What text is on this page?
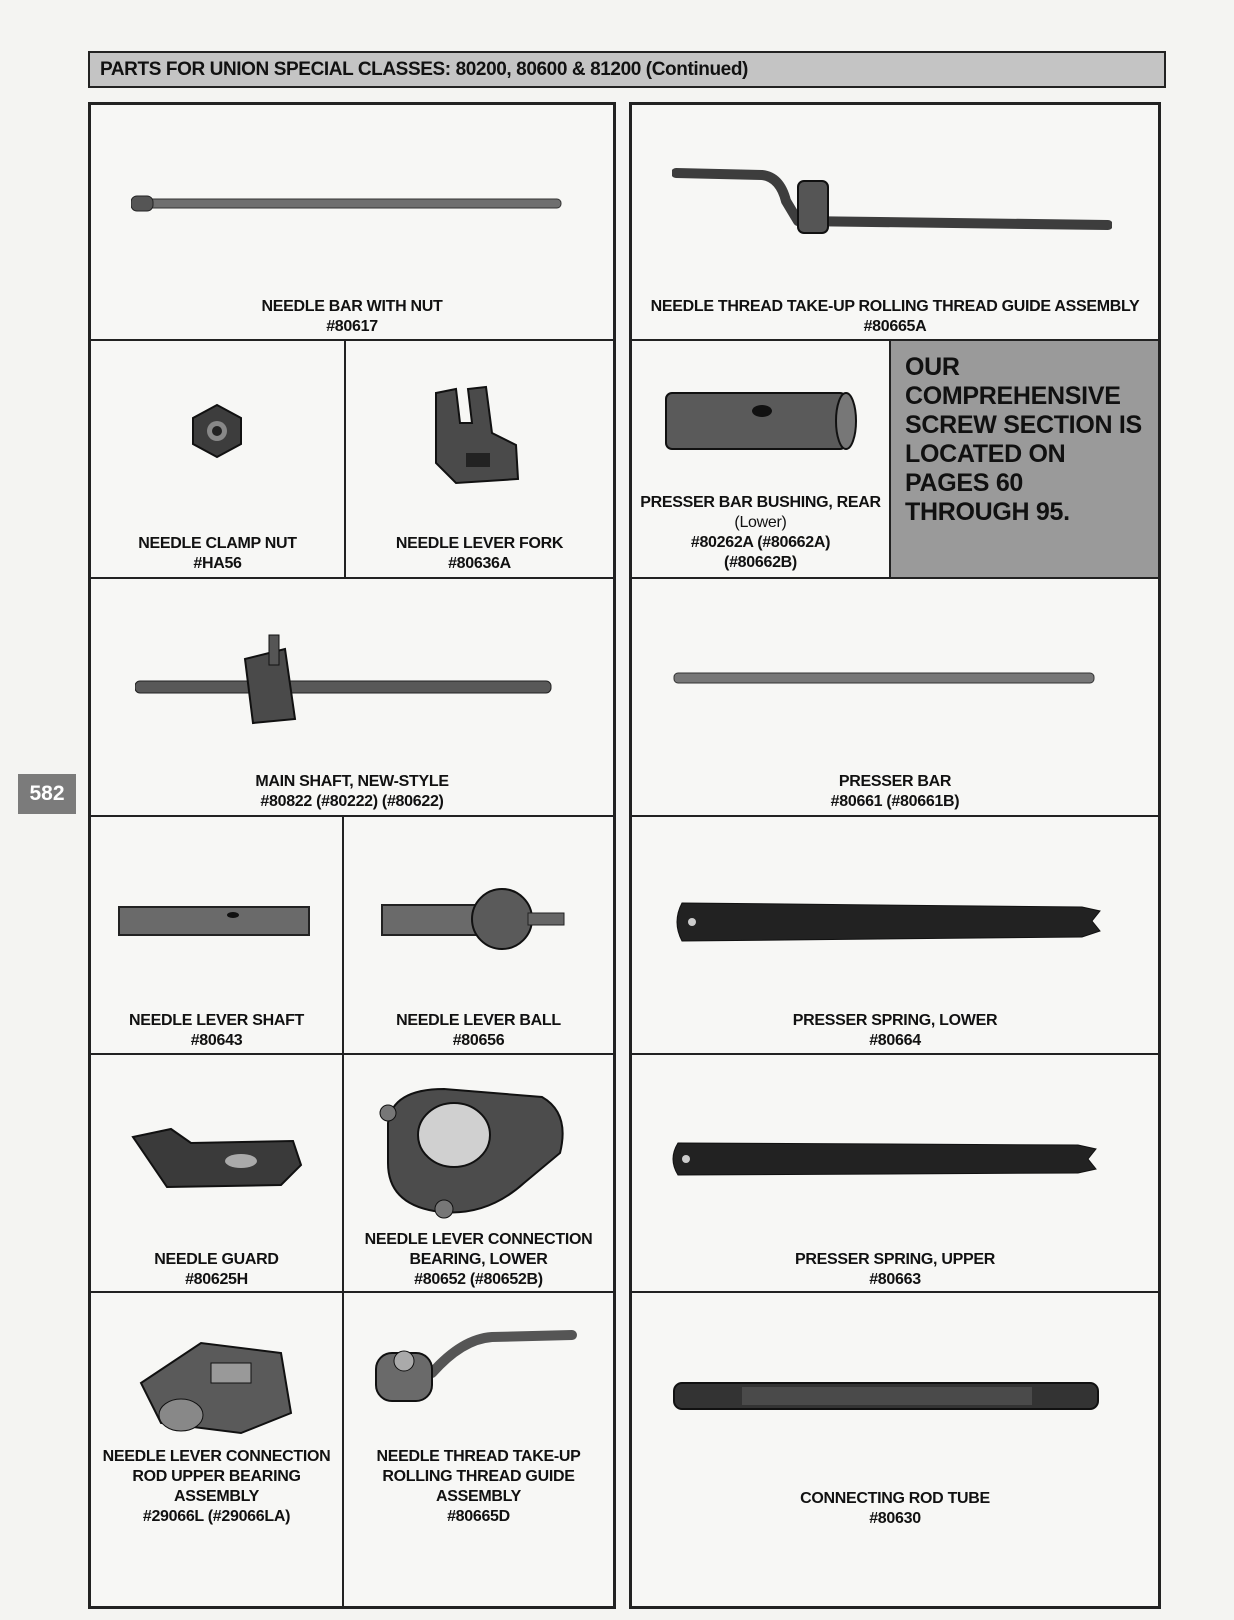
PARTS FOR UNION SPECIAL CLASSES: 80200, 80600 & 81200 (Continued)
582
NEEDLE BAR WITH NUT
#80617
NEEDLE CLAMP NUT
#HA56
NEEDLE LEVER FORK
#80636A
MAIN SHAFT, NEW-STYLE
#80822 (#80222) (#80622)
NEEDLE LEVER SHAFT
#80643
NEEDLE LEVER BALL
#80656
NEEDLE GUARD
#80625H
NEEDLE LEVER CONNECTION
BEARING, LOWER
#80652 (#80652B)
NEEDLE LEVER CONNECTION
ROD UPPER BEARING
ASSEMBLY
#29066L (#29066LA)
NEEDLE THREAD TAKE-UP
ROLLING THREAD GUIDE
ASSEMBLY
#80665D
NEEDLE THREAD TAKE-UP ROLLING THREAD GUIDE ASSEMBLY
#80665A
PRESSER BAR BUSHING, REAR
(Lower)
#80262A (#80662A)
(#80662B)
OUR
COMPREHENSIVE
SCREW SECTION IS
LOCATED ON
PAGES 60
THROUGH 95.
PRESSER BAR
#80661 (#80661B)
PRESSER SPRING, LOWER
#80664
PRESSER SPRING, UPPER
#80663
CONNECTING ROD TUBE
#80630
